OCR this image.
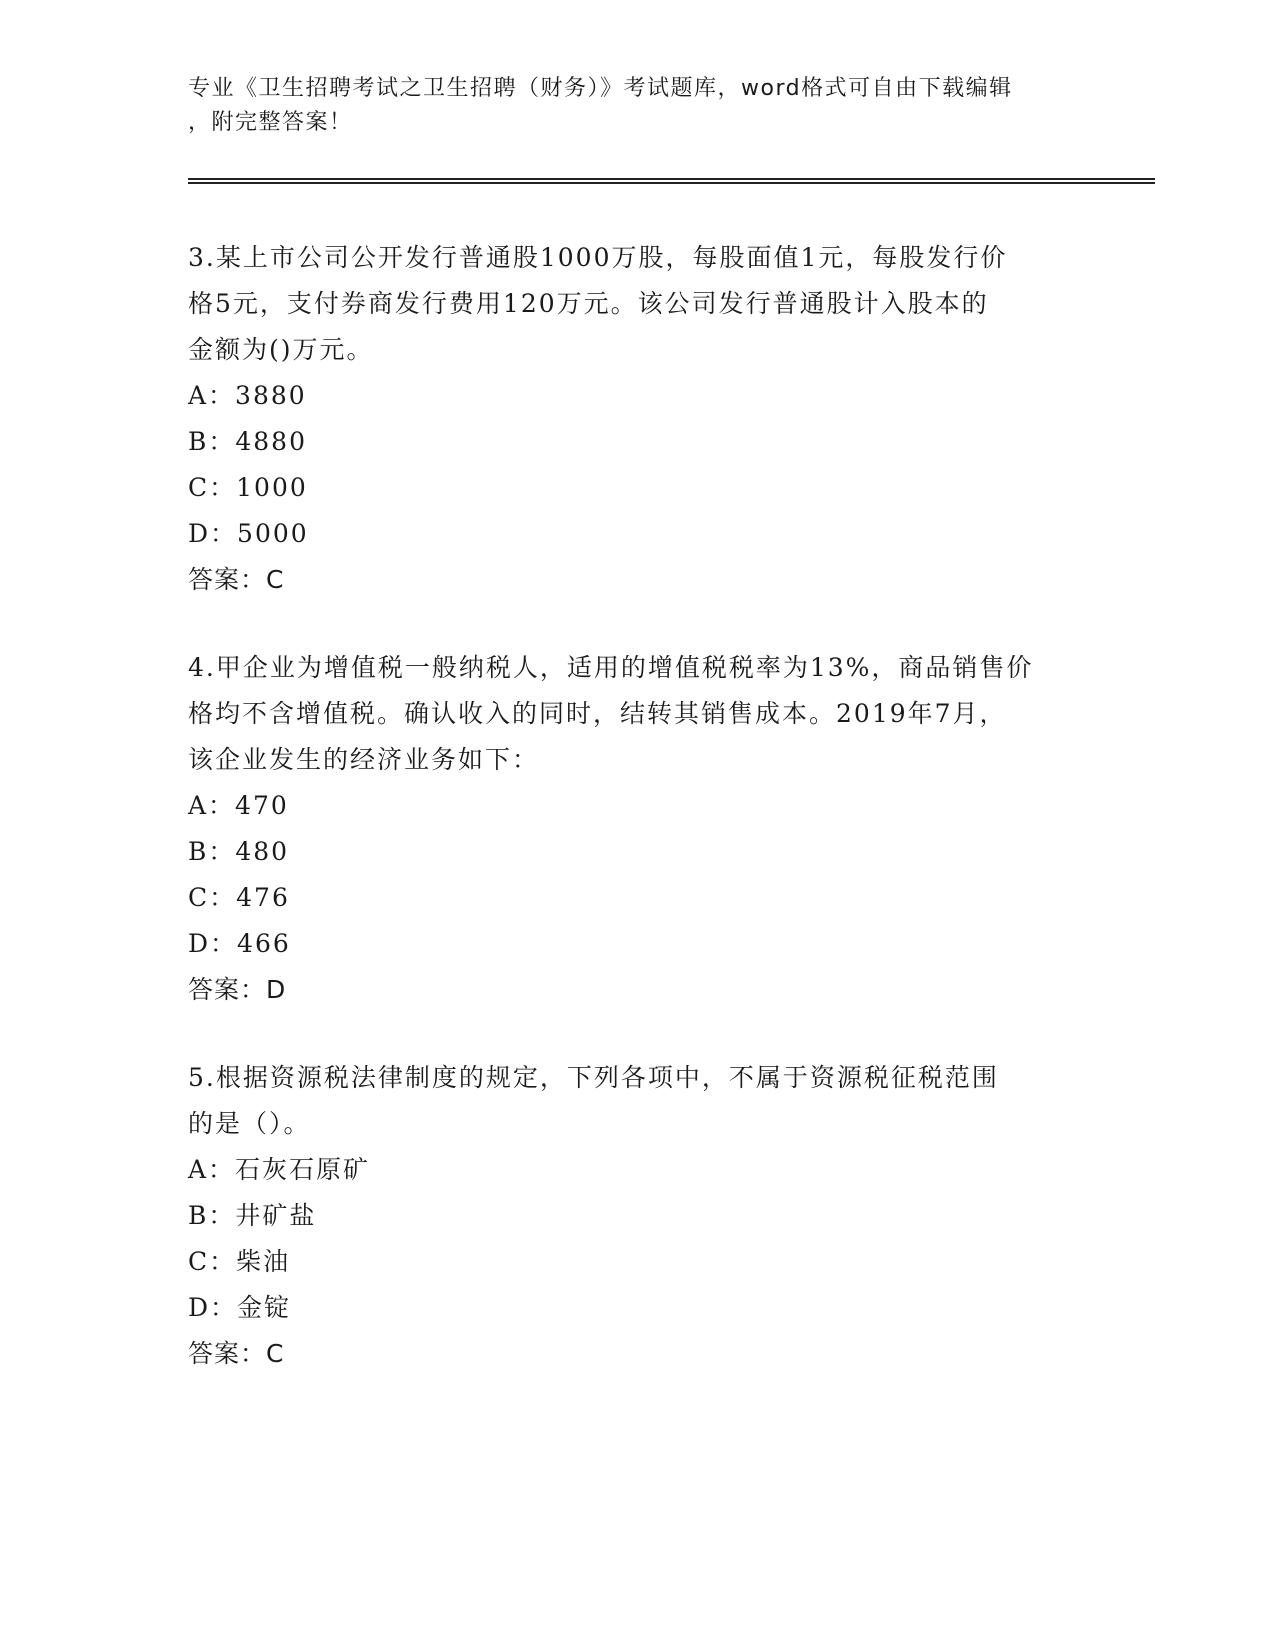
专业《卫生招聘考试之卫生招聘（财务）》考试题库，word格式可自由下载编辑

，附完整答案！

3.某上市公司公开发行普通股1000万股，每股面值1元，每股发行价

格5元，支付券商发行费用120万元。该公司发行普通股计入股本的

金额为()万元。

A：3880

B：4880

C：1000

D：5000

答案：C

4.甲企业为增值税一般纳税人，适用的增值税税率为13%，商品销售价

格均不含增值税。确认收入的同时，结转其销售成本。2019年7月，

该企业发生的经济业务如下：

A：470

B：480

C：476

D：466

答案：D

5.根据资源税法律制度的规定，下列各项中，不属于资源税征税范围

的是（）。

A：石灰石原矿

B：井矿盐

C：柴油

D：金锭

答案：C
